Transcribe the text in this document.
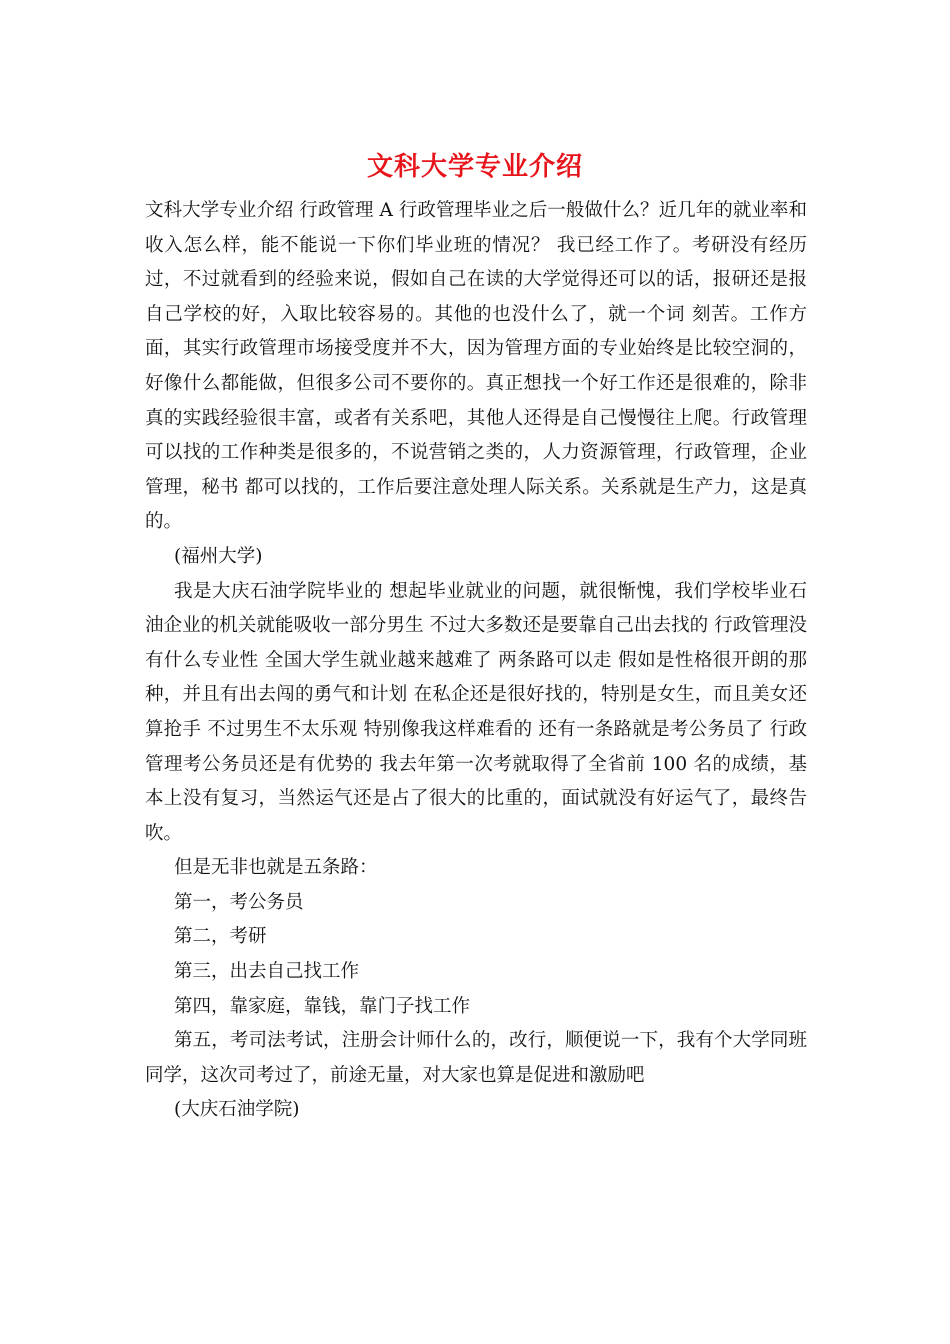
文科大学专业介绍

文科大学专业介绍 行政管理 A 行政管理毕业之后一般做什么？近几年的就业率和收入怎么样，能不能说一下你们毕业班的情况？ 我已经工作了。考研没有经历过，不过就看到的经验来说，假如自己在读的大学觉得还可以的话，报研还是报自己学校的好，入取比较容易的。其他的也没什么了，就一个词 刻苦。工作方面，其实行政管理市场接受度并不大，因为管理方面的专业始终是比较空洞的，好像什么都能做，但很多公司不要你的。真正想找一个好工作还是很难的，除非真的实践经验很丰富，或者有关系吧，其他人还得是自己慢慢往上爬。行政管理可以找的工作种类是很多的，不说营销之类的，人力资源管理，行政管理，企业管理，秘书 都可以找的，工作后要注意处理人际关系。关系就是生产力，这是真的。

(福州大学)

我是大庆石油学院毕业的 想起毕业就业的问题，就很惭愧，我们学校毕业石油企业的机关就能吸收一部分男生 不过大多数还是要靠自己出去找的 行政管理没有什么专业性 全国大学生就业越来越难了 两条路可以走 假如是性格很开朗的那种，并且有出去闯的勇气和计划 在私企还是很好找的，特别是女生，而且美女还算抢手 不过男生不太乐观 特别像我这样难看的 还有一条路就是考公务员了 行政管理考公务员还是有优势的 我去年第一次考就取得了全省前 100 名的成绩，基本上没有复习，当然运气还是占了很大的比重的，面试就没有好运气了，最终告吹。

但是无非也就是五条路：

第一，考公务员

第二，考研

第三，出去自己找工作

第四，靠家庭，靠钱，靠门子找工作

第五，考司法考试，注册会计师什么的，改行，顺便说一下，我有个大学同班同学，这次司考过了，前途无量，对大家也算是促进和激励吧

(大庆石油学院)
